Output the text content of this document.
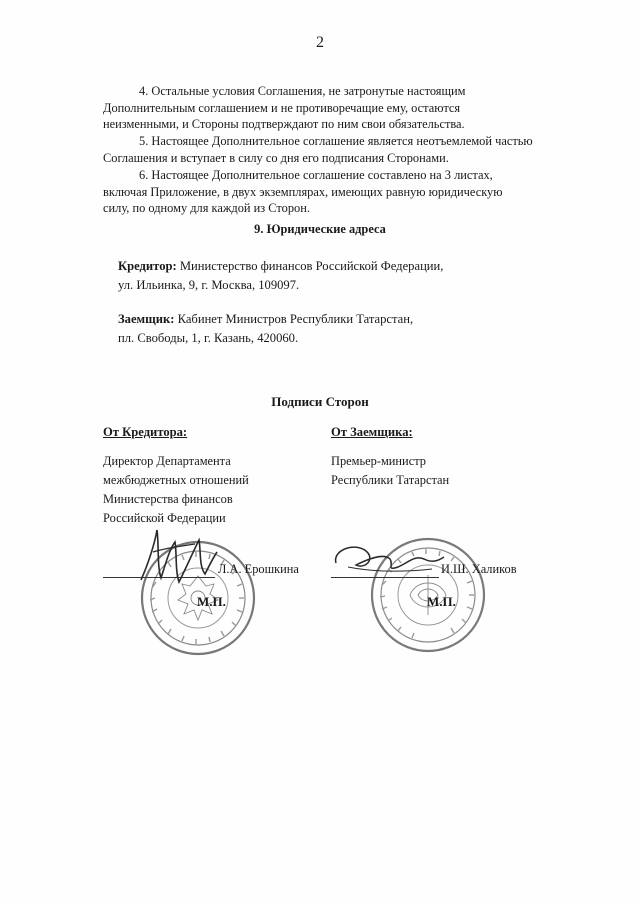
2

4. Остальные условия Соглашения, не затронутые настоящим
Дополнительным соглашением и не противоречащие ему, остаются
неизменными, и Стороны подтверждают по ним свои обязательства.

5. Настоящее Дополнительное соглашение является неотъемлемой частью
Соглашения и вступает в силу со дня его подписания Сторонами.

6. Настоящее Дополнительное соглашение составлено на 3 листах,
включая Приложение, в двух экземплярах, имеющих равную юридическую
силу, по одному для каждой из Сторон.

9. Юридические адреса

Кредитор: Министерство финансов Российской Федерации,
ул. Ильинка, 9, г. Москва, 109097.

Заемщик: Кабинет Министров Республики Татарстан,
пл. Свободы, 1, г. Казань, 420060.

Подписи Сторон
От Кредитора:
Директор Департамента
межбюджетных отношений
Министерства финансов
Российской Федерации
М.П.
Л.А. Ерошкина
От Заемщика:
Премьер-министр
Республики Татарстан
М.П.
И.Ш. Халиков
